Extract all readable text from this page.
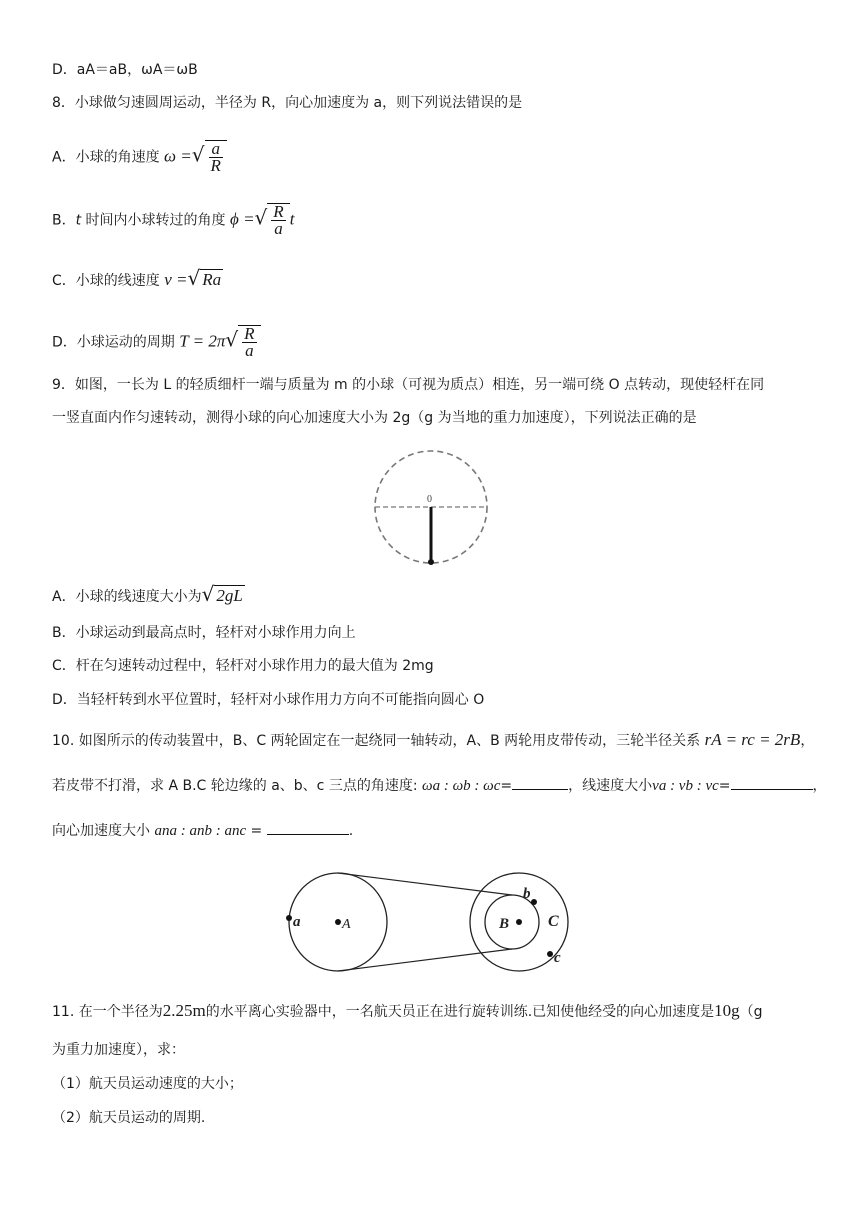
D．aA＝aB，ωA＝ωB
8．小球做匀速圆周运动，半径为 R，向心加速度为 a，则下列说法错误的是
A．小球的角速度 ω =√ $\frac{a}{R}$
B．t 时间内小球转过的角度 ϕ =√ $\frac{R}{a}$ t
C．小球的线速度 v =√ Ra
D．小球运动的周期 $T = 2\pi√ \frac{R}{a}$
9．如图，一长为 L 的轻质细杆一端与质量为 m 的小球（可视为质点）相连，另一端可绕 O 点转动，现使轻杆在同
一竖直面内作匀速转动，测得小球的向心加速度大小为 2g（g 为当地的重力加速度），下列说法正确的是
0
A．小球的线速度大小为√ 2gL
B．小球运动到最高点时，轻杆对小球作用力向上
C．杆在匀速转动过程中，轻杆对小球作用力的最大值为 2mg
D．当轻杆转到水平位置时，轻杆对小球作用力方向不可能指向圆心 O
10. 如图所示的传动装置中，B、C 两轮固定在一起绕同一轴转动，A、B 两轮用皮带传动，三轮半径关系 rA = rc = 2rB，
若皮带不打滑，求 A B.C 轮边缘的 a、b、c 三点的角速度: ωa : ωb : ωc=	，线速度大小va : vb : vc=	，
向心加速度大小 ana : anb : anc =	.
a	A	B
b
C
c
11. 在一个半径为2.25m的水平离心实验器中，一名航天员正在进行旋转训练.已知使他经受的向心加速度是10g（g
为重力加速度），求：
（1）航天员运动速度的大小；
（2）航天员运动的周期.
